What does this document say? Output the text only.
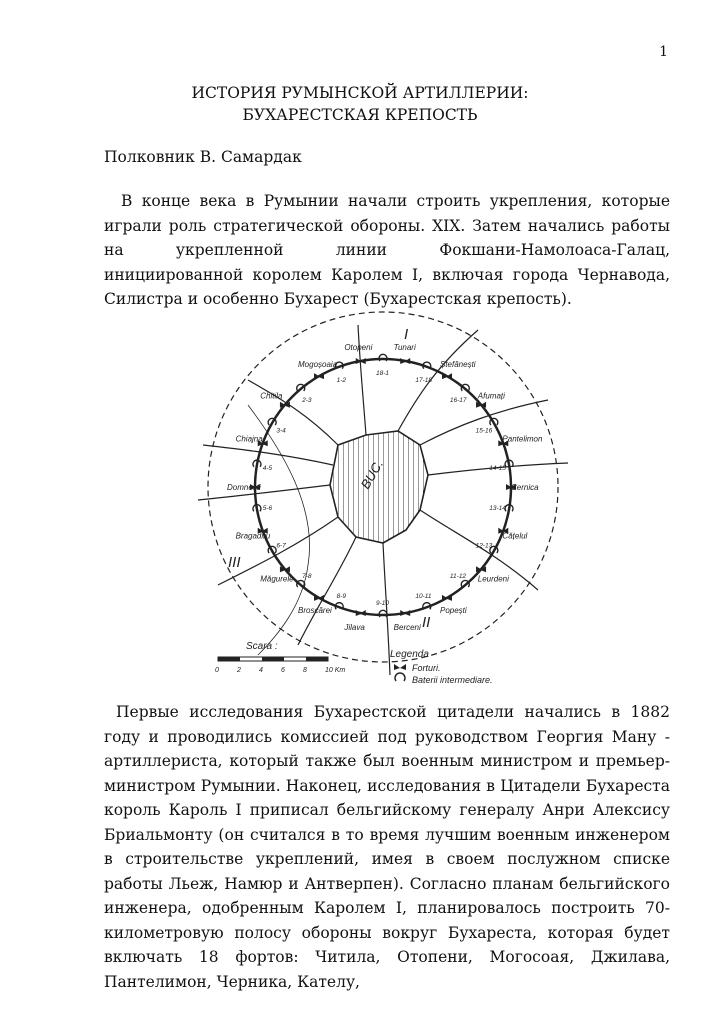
1
ИСТОРИЯ РУМЫНСКОЙ АРТИЛЛЕРИИ:
БУХАРЕСТСКАЯ КРЕПОСТЬ
Полковник В. Самардак

В конце века в Румынии начали строить укрепления, которые играли роль стратегической обороны. XIX. Затем начались работы на укрепленной линии Фокшани-Намолоаса-Галац, инициированной королем Каролем I, включая города Чернавода, Силистра и особенно Бухарест (Бухарестская крепость).

Otopeni
Mogoșoaia
Chitila
Chiajna
Domnești
Bragadiru
Măgurele
Broscărei
Jilava	Berceni
Popești
Leurdeni
Cățelul
Cernica
Pantelimon
Afumați
Ștefănești
Tunari
1-2
2-3
3-4
4-5
5-6
6-7
7-8
8-9
9-10
10-11
11-12
12-13
13-14
14-15
15-16
16-17
17-18
18-1
BUC.
I
II
III
Legenda
Forturi.
Baterii intermediare.
Scara :
0	2	4	6	8	10 Km

Первые исследования Бухарестской цитадели начались в 1882 году и проводились комиссией под руководством Георгия Ману - артиллериста, который также был военным министром и премьер-министром Румынии. Наконец, исследования в Цитадели Бухареста король Кароль I приписал бельгийскому генералу Анри Алексису Бриальмонту (он считался в то время лучшим военным инженером в строительстве укреплений, имея в своем послужном списке работы Льеж, Намюр и Антверпен). Согласно планам бельгийского инженера, одобренным Каролем I, планировалось построить 70-километровую полосу обороны вокруг Бухареста, которая будет включать 18 фортов: Читила, Отопени, Могосоая, Джилава, Пантелимон, Черника, Кателу,
